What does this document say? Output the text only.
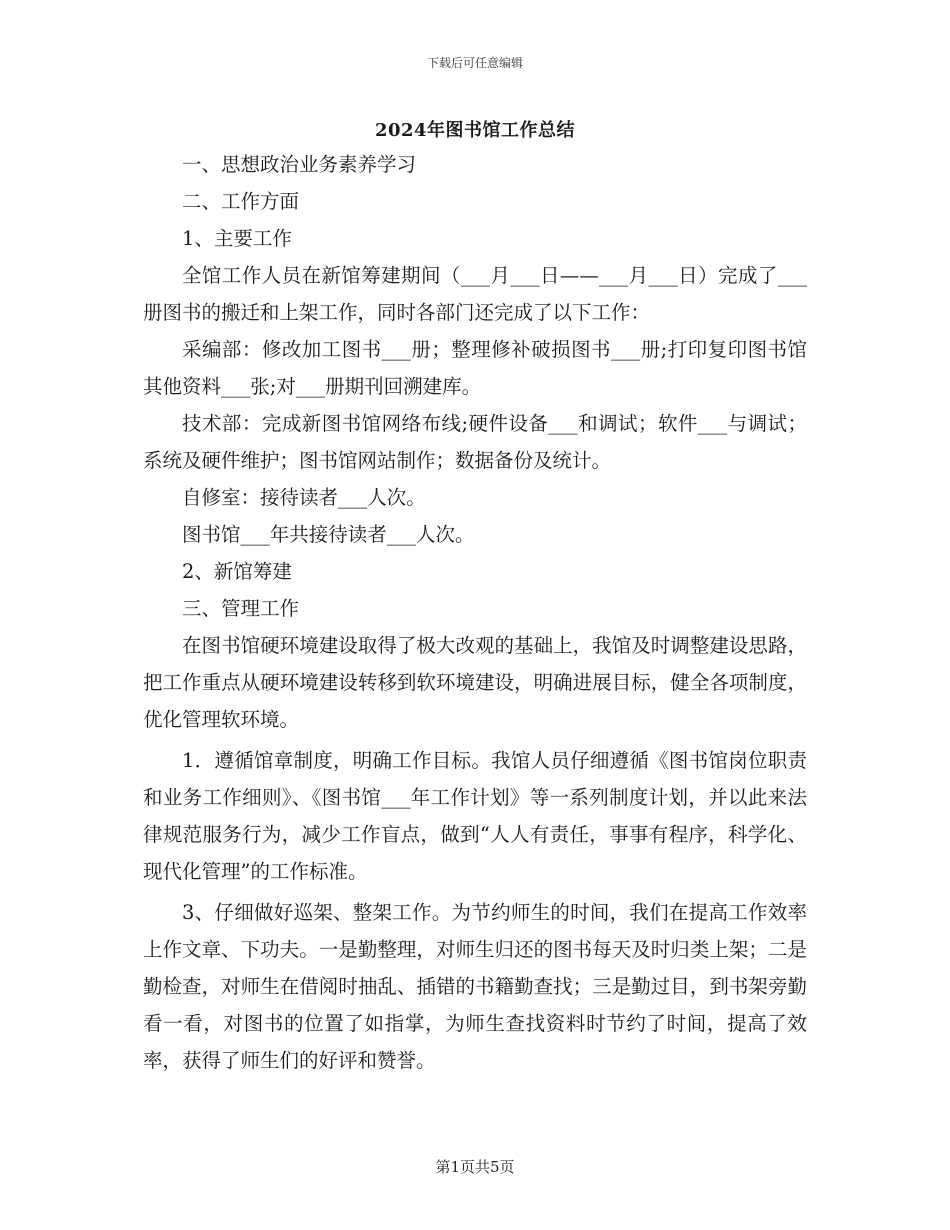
下载后可任意编辑
2024年图书馆工作总结

一、思想政治业务素养学习

二、工作方面

1、主要工作

全馆工作人员在新馆筹建期间（___月___日——___月___日）完成了___册图书的搬迁和上架工作，同时各部门还完成了以下工作：

采编部：修改加工图书___册；整理修补破损图书___册;打印复印图书馆其他资料___张;对___册期刊回溯建库。

技术部：完成新图书馆网络布线;硬件设备___和调试；软件___与调试；系统及硬件维护；图书馆网站制作；数据备份及统计。

自修室：接待读者___人次。

图书馆___年共接待读者___人次。

2、新馆筹建

三、管理工作

在图书馆硬环境建设取得了极大改观的基础上，我馆及时调整建设思路，把工作重点从硬环境建设转移到软环境建设，明确进展目标，健全各项制度，优化管理软环境。

1．遵循馆章制度，明确工作目标。我馆人员仔细遵循《图书馆岗位职责和业务工作细则》、《图书馆___年工作计划》等一系列制度计划，并以此来法律规范服务行为，减少工作盲点，做到“人人有责任，事事有程序，科学化、现代化管理”的工作标准。

3、仔细做好巡架、整架工作。为节约师生的时间，我们在提高工作效率上作文章、下功夫。一是勤整理，对师生归还的图书每天及时归类上架；二是勤检查，对师生在借阅时抽乱、插错的书籍勤查找；三是勤过目，到书架旁勤看一看，对图书的位置了如指掌，为师生查找资料时节约了时间，提高了效率，获得了师生们的好评和赞誉。

第1页共5页
